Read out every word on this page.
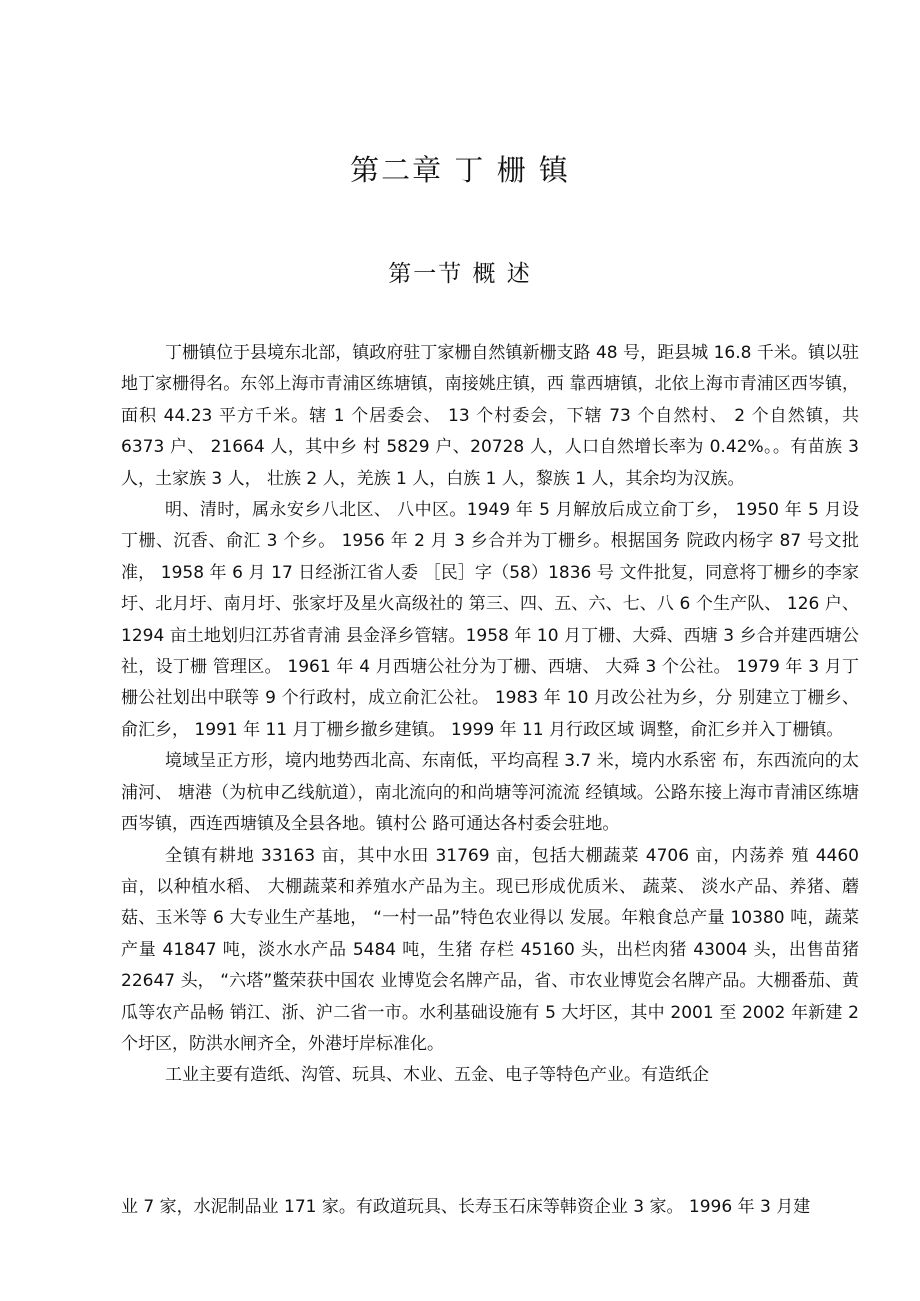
第二章 丁 栅 镇
第一节 概 述

丁栅镇位于县境东北部，镇政府驻丁家栅自然镇新栅支路 48 号，距县城 16.8 千米。镇以驻地丁家栅得名。东邻上海市青浦区练塘镇，南接姚庄镇，西 靠西塘镇，北依上海市青浦区西岑镇，面积 44.23 平方千米。辖 1 个居委会、 13 个村委会，下辖 73 个自然村、 2 个自然镇，共 6373 户、 21664 人，其中乡 村 5829 户、20728 人，人口自然增长率为 0.42%。。有苗族 3 人，土家族 3 人， 壮族 2 人，羌族 1 人，白族 1 人，黎族 1 人，其余均为汉族。

明、清时，属永安乡八北区、 八中区。1949 年 5 月解放后成立俞丁乡， 1950 年 5 月设丁栅、沉香、俞汇 3 个乡。 1956 年 2 月 3 乡合并为丁栅乡。根据国务 院政内杨字 87 号文批准， 1958 年 6 月 17 日经浙江省人委 ［民］字（58）1836 号 文件批复，同意将丁栅乡的李家圩、北月圩、南月圩、张家圩及星火高级社的 第三、四、五、六、七、八 6 个生产队、 126 户、 1294 亩土地划归江苏省青浦 县金泽乡管辖。1958 年 10 月丁栅、大舜、西塘 3 乡合并建西塘公社，设丁栅 管理区。 1961 年 4 月西塘公社分为丁栅、西塘、 大舜 3 个公社。 1979 年 3 月丁 栅公社划出中联等 9 个行政村，成立俞汇公社。 1983 年 10 月改公社为乡，分 别建立丁栅乡、 俞汇乡， 1991 年 11 月丁栅乡撤乡建镇。 1999 年 11 月行政区域 调整，俞汇乡并入丁栅镇。

境域呈正方形，境内地势西北高、东南低，平均高程 3.7 米，境内水系密 布，东西流向的太浦河、 塘港（为杭申乙线航道），南北流向的和尚塘等河流流 经镇域。公路东接上海市青浦区练塘西岑镇，西连西塘镇及全县各地。镇村公 路可通达各村委会驻地。

全镇有耕地 33163 亩，其中水田 31769 亩，包括大棚蔬菜 4706 亩，内荡养 殖 4460 亩，以种植水稻、 大棚蔬菜和养殖水产品为主。现已形成优质米、 蔬菜、 淡水产品、养猪、蘑菇、玉米等 6 大专业生产基地， “一村一品”特色农业得以 发展。年粮食总产量 10380 吨，蔬菜产量 41847 吨，淡水水产品 5484 吨，生猪 存栏 45160 头，出栏肉猪 43004 头，出售苗猪 22647 头， “六塔”鳖荣获中国农 业博览会名牌产品，省、市农业博览会名牌产品。大棚番茄、黄瓜等农产品畅 销江、浙、沪二省一市。水利基础设施有 5 大圩区，其中 2001 至 2002 年新建 2 个圩区，防洪水闸齐全，外港圩岸标准化。

工业主要有造纸、沟管、玩具、木业、五金、电子等特色产业。有造纸企

业 7 家，水泥制品业 171 家。有政道玩具、长寿玉石床等韩资企业 3 家。 1996 年 3 月建
